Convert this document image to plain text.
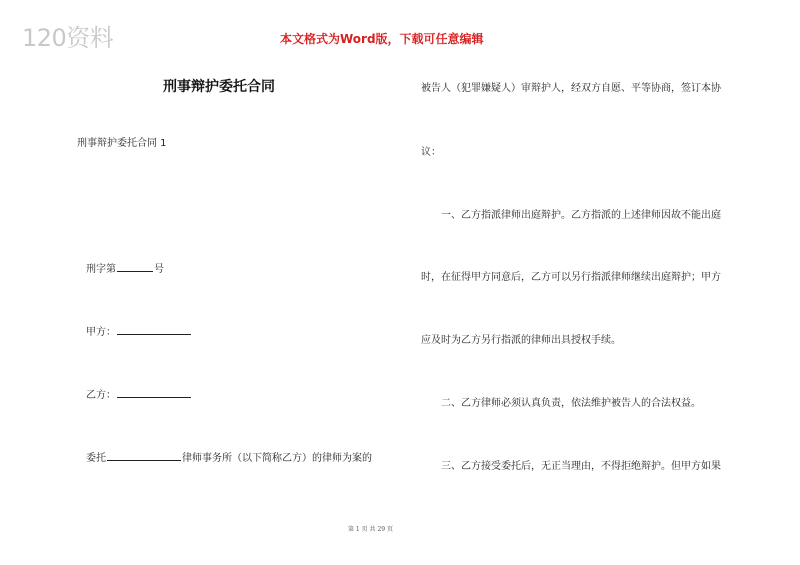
120资料	本文格式为Word版，下载可任意编辑
刑事辩护委托合同
刑事辩护委托合同 1
刑字第	号
甲方：
乙方：
委托	律师事务所（以下简称乙方）的律师为案的
被告人（犯罪嫌疑人）审辩护人，经双方自愿、平等协商，签订本协
议：
一、乙方指派律师出庭辩护。乙方指派的上述律师因故不能出庭
时，在征得甲方同意后，乙方可以另行指派律师继续出庭辩护；甲方
应及时为乙方另行指派的律师出具授权手续。
二、乙方律师必须认真负责，依法维护被告人的合法权益。
三、乙方接受委托后，无正当理由，不得拒绝辩护。但甲方如果
第 1 页 共 29 页
